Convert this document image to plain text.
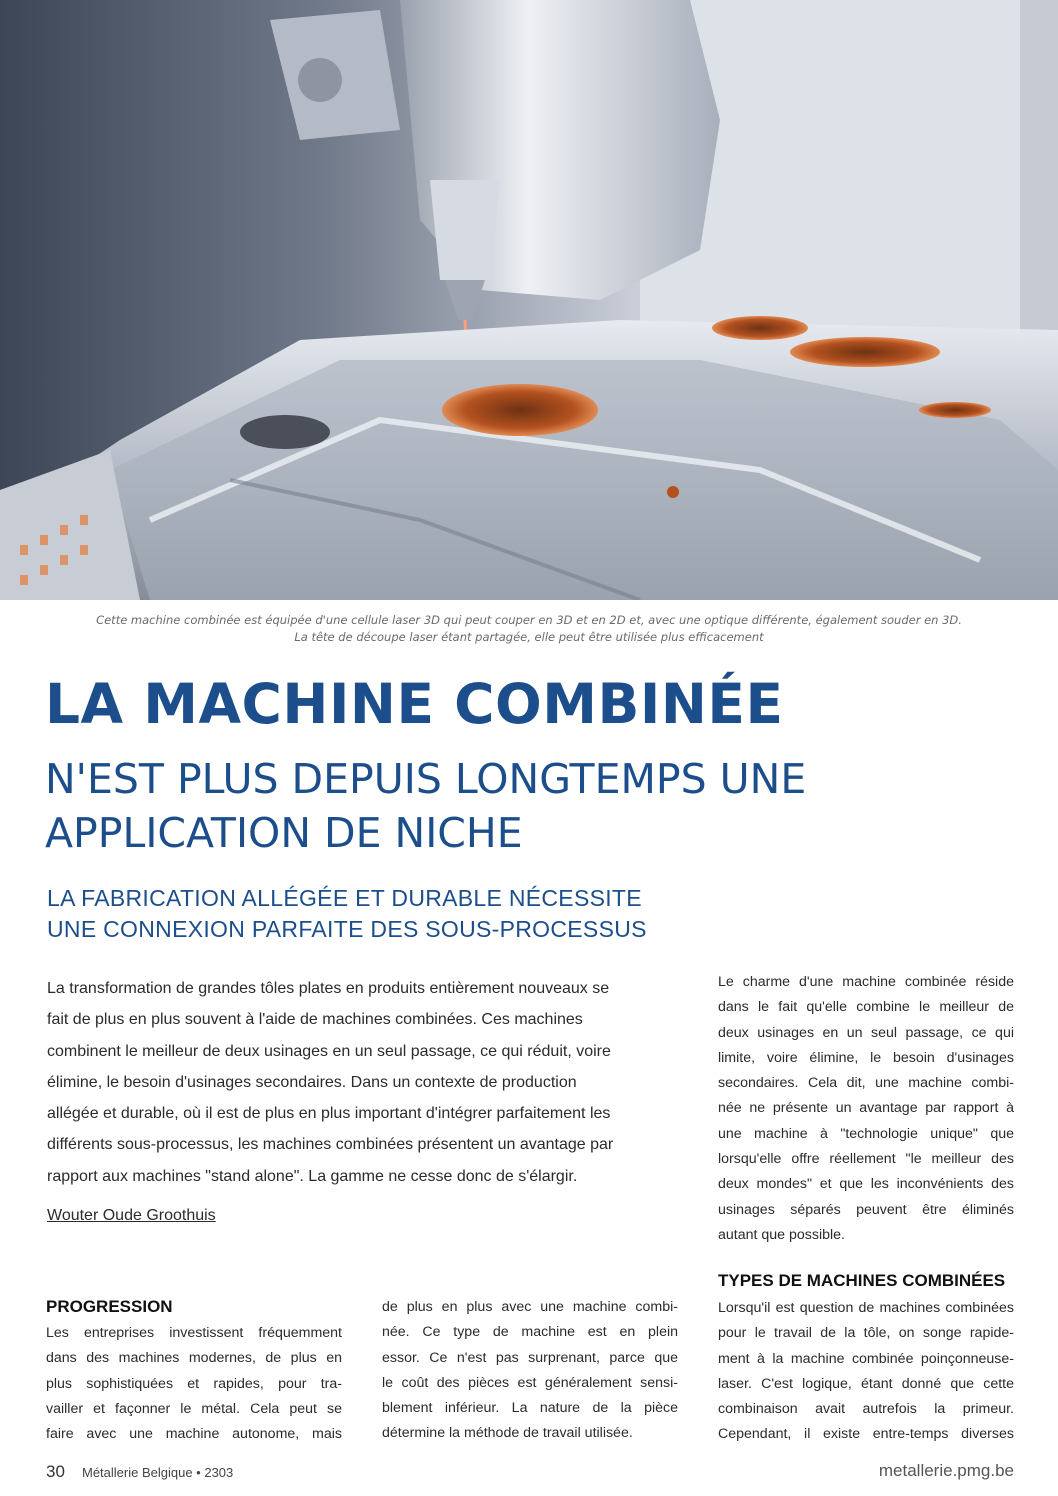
Cette machine combinée est équipée d'une cellule laser 3D qui peut couper en 3D et en 2D et, avec une optique différente, également souder en 3D.
La tête de découpe laser étant partagée, elle peut être utilisée plus efficacement
LA MACHINE COMBINÉE
N'EST PLUS DEPUIS LONGTEMPS UNE
APPLICATION DE NICHE
LA FABRICATION ALLÉGÉE ET DURABLE NÉCESSITE
UNE CONNEXION PARFAITE DES SOUS-PROCESSUS
La transformation de grandes tôles plates en produits entièrement nouveaux se
fait de plus en plus souvent à l'aide de machines combinées. Ces machines
combinent le meilleur de deux usinages en un seul passage, ce qui réduit, voire
élimine, le besoin d'usinages secondaires. Dans un contexte de production
allégée et durable, où il est de plus en plus important d'intégrer parfaitement les
différents sous-processus, les machines combinées présentent un avantage par
rapport aux machines "stand alone". La gamme ne cesse donc de s'élargir.
Wouter Oude Groothuis
PROGRESSION
Les entreprises investissent fréquemment
dans des machines modernes, de plus en
plus sophistiquées et rapides, pour tra-
vailler et façonner le métal. Cela peut se
faire avec une machine autonome, mais
de plus en plus avec une machine combi-
née. Ce type de machine est en plein
essor. Ce n'est pas surprenant, parce que
le coût des pièces est généralement sensi-
blement inférieur. La nature de la pièce
détermine la méthode de travail utilisée.
Le charme d'une machine combinée réside
dans le fait qu'elle combine le meilleur de
deux usinages en un seul passage, ce qui
limite, voire élimine, le besoin d'usinages
secondaires. Cela dit, une machine combi-
née ne présente un avantage par rapport à
une machine à "technologie unique" que
lorsqu'elle offre réellement "le meilleur des
deux mondes" et que les inconvénients des
usinages séparés peuvent être éliminés
autant que possible.
TYPES DE MACHINES COMBINÉES
Lorsqu'il est question de machines combinées
pour le travail de la tôle, on songe rapide-
ment à la machine combinée poinçonneuse-
laser. C'est logique, étant donné que cette
combinaison avait autrefois la primeur.
Cependant, il existe entre-temps diverses
30 Métallerie Belgique • 2303	metallerie.pmg.be
